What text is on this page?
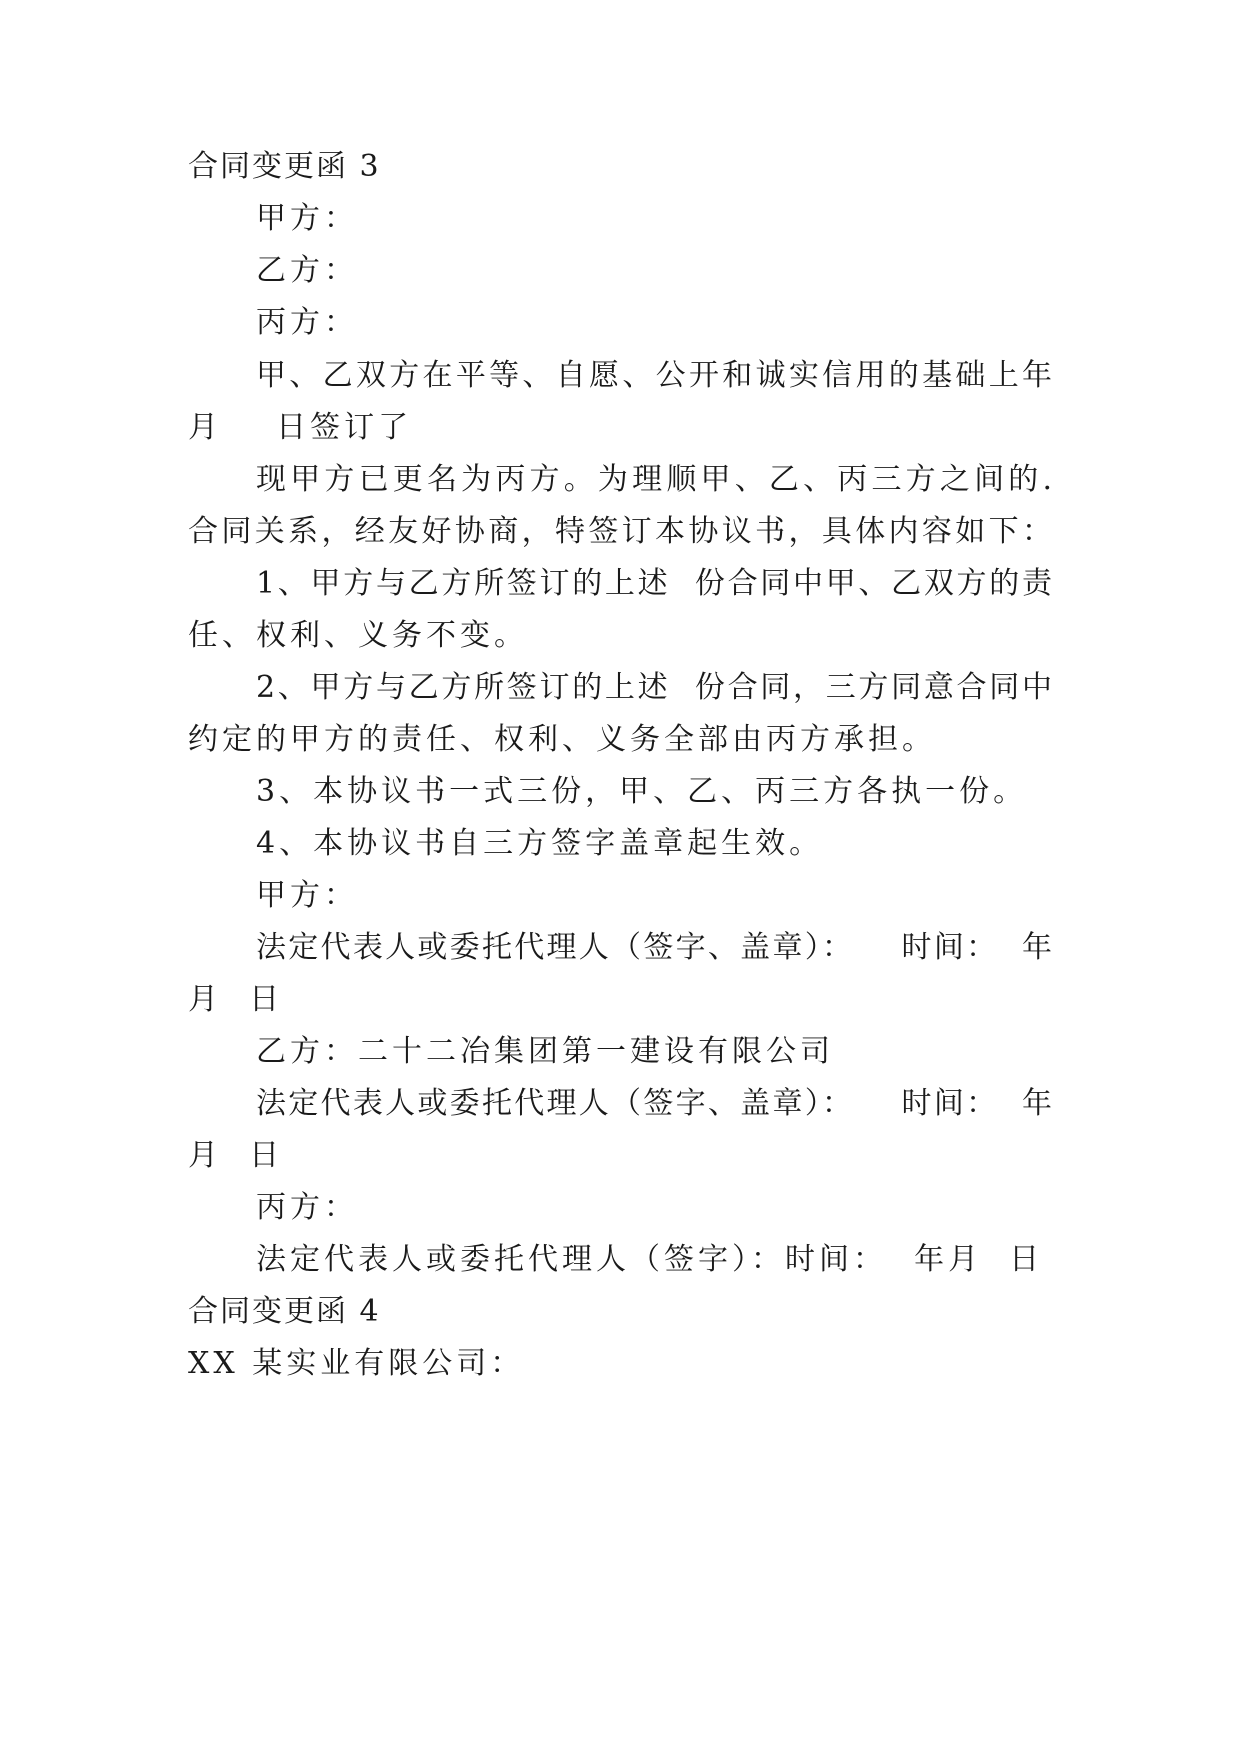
合同变更函 3
甲方：
乙方：
丙方：
甲、乙双方在平等、自愿、公开和诚实信用的基础上年
月    日签订了
现甲方已更名为丙方。为理顺甲、乙、丙三方之间的.
合同关系，经友好协商，特签订本协议书，具体内容如下：
1、甲方与乙方所签订的上述  份合同中甲、乙双方的责
任、权利、义务不变。
2、甲方与乙方所签订的上述  份合同，三方同意合同中
约定的甲方的责任、权利、义务全部由丙方承担。
3、本协议书一式三份，甲、乙、丙三方各执一份。
4、本协议书自三方签字盖章起生效。
甲方：
法定代表人或委托代理人（签字、盖章）：    时间：  年
月  日
乙方：二十二冶集团第一建设有限公司
法定代表人或委托代理人（签字、盖章）：    时间：  年
月  日
丙方：
法定代表人或委托代理人（签字）：时间：  年月  日
合同变更函 4
XX 某实业有限公司：
